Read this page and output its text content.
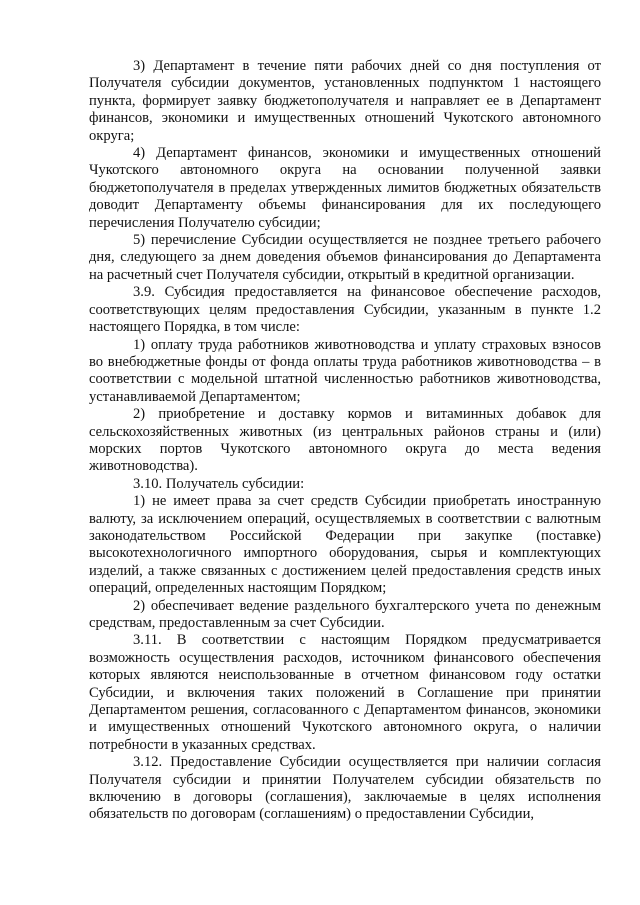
3) Департамент в течение пяти рабочих дней со дня поступления от Получателя субсидии документов, установленных подпунктом 1 настоящего пункта, формирует заявку бюджетополучателя и направляет ее в Департамент финансов, экономики и имущественных отношений Чукотского автономного округа;

4) Департамент финансов, экономики и имущественных отношений Чукотского автономного округа на основании полученной заявки бюджетополучателя в пределах утвержденных лимитов бюджетных обязательств доводит Департаменту объемы финансирования для их последующего перечисления Получателю субсидии;

5) перечисление Субсидии осуществляется не позднее третьего рабочего дня, следующего за днем доведения объемов финансирования до Департамента на расчетный счет Получателя субсидии, открытый в кредитной организации.

3.9. Субсидия предоставляется на финансовое обеспечение расходов, соответствующих целям предоставления Субсидии, указанным в пункте 1.2 настоящего Порядка, в том числе:

1) оплату труда работников животноводства и уплату страховых взносов во внебюджетные фонды от фонда оплаты труда работников животноводства – в соответствии с модельной штатной численностью работников животноводства, устанавливаемой Департаментом;

2) приобретение и доставку кормов и витаминных добавок для сельскохозяйственных животных (из центральных районов страны и (или) морских портов Чукотского автономного округа до места ведения животноводства).

3.10. Получатель субсидии:

1) не имеет права за счет средств Субсидии приобретать иностранную валюту, за исключением операций, осуществляемых в соответствии с валютным законодательством Российской Федерации при закупке (поставке) высокотехнологичного импортного оборудования, сырья и комплектующих изделий, а также связанных с достижением целей предоставления средств иных операций, определенных настоящим Порядком;

2) обеспечивает ведение раздельного бухгалтерского учета по денежным средствам, предоставленным за счет Субсидии.

3.11. В соответствии с настоящим Порядком предусматривается возможность осуществления расходов, источником финансового обеспечения которых являются неиспользованные в отчетном финансовом году остатки Субсидии, и включения таких положений в Соглашение при принятии Департаментом решения, согласованного с Департаментом финансов, экономики и имущественных отношений Чукотского автономного округа, о наличии потребности в указанных средствах.

3.12. Предоставление Субсидии осуществляется при наличии согласия Получателя субсидии и принятии Получателем субсидии обязательств по включению в договоры (соглашения), заключаемые в целях исполнения обязательств по договорам (соглашениям) о предоставлении Субсидии,
